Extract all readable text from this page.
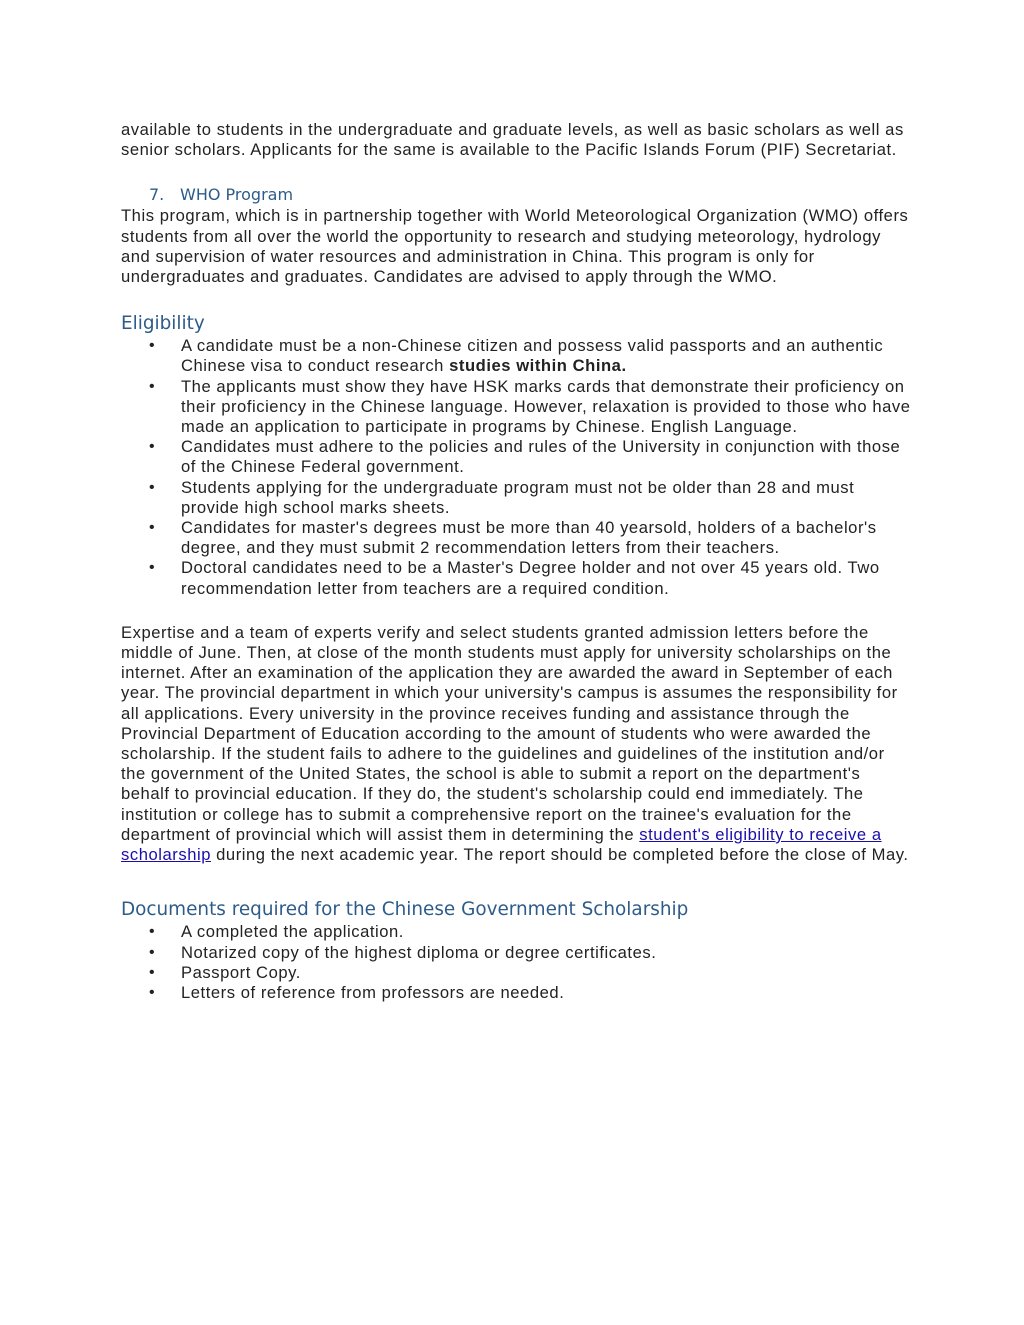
available to students in the undergraduate and graduate levels, as well as basic scholars as well as senior scholars. Applicants for the same is available to the Pacific Islands Forum (PIF) Secretariat.

7. WHO Program

This program, which is in partnership together with World Meteorological Organization (WMO) offers students from all over the world the opportunity to research and studying meteorology, hydrology and supervision of water resources and administration in China. This program is only for undergraduates and graduates. Candidates are advised to apply through the WMO.

Eligibility
• A candidate must be a non-Chinese citizen and possess valid passports and an authentic Chinese visa to conduct research studies within China.
• The applicants must show they have HSK marks cards that demonstrate their proficiency on their proficiency in the Chinese language. However, relaxation is provided to those who have made an application to participate in programs by Chinese. English Language.
• Candidates must adhere to the policies and rules of the University in conjunction with those of the Chinese Federal government.
• Students applying for the undergraduate program must not be older than 28 and must provide high school marks sheets.
• Candidates for master's degrees must be more than 40 yearsold, holders of a bachelor's degree, and they must submit 2 recommendation letters from their teachers.
• Doctoral candidates need to be a Master's Degree holder and not over 45 years old. Two recommendation letter from teachers are a required condition.

Expertise and a team of experts verify and select students granted admission letters before the middle of June. Then, at close of the month students must apply for university scholarships on the internet. After an examination of the application they are awarded the award in September of each year. The provincial department in which your university's campus is assumes the responsibility for all applications. Every university in the province receives funding and assistance through the Provincial Department of Education according to the amount of students who were awarded the scholarship. If the student fails to adhere to the guidelines and guidelines of the institution and/or the government of the United States, the school is able to submit a report on the department's behalf to provincial education. If they do, the student's scholarship could end immediately. The institution or college has to submit a comprehensive report on the trainee's evaluation for the department of provincial which will assist them in determining the student's eligibility to receive a scholarship during the next academic year. The report should be completed before the close of May.

Documents required for the Chinese Government Scholarship
• A completed the application.
• Notarized copy of the highest diploma or degree certificates.
• Passport Copy.
• Letters of reference from professors are needed.
